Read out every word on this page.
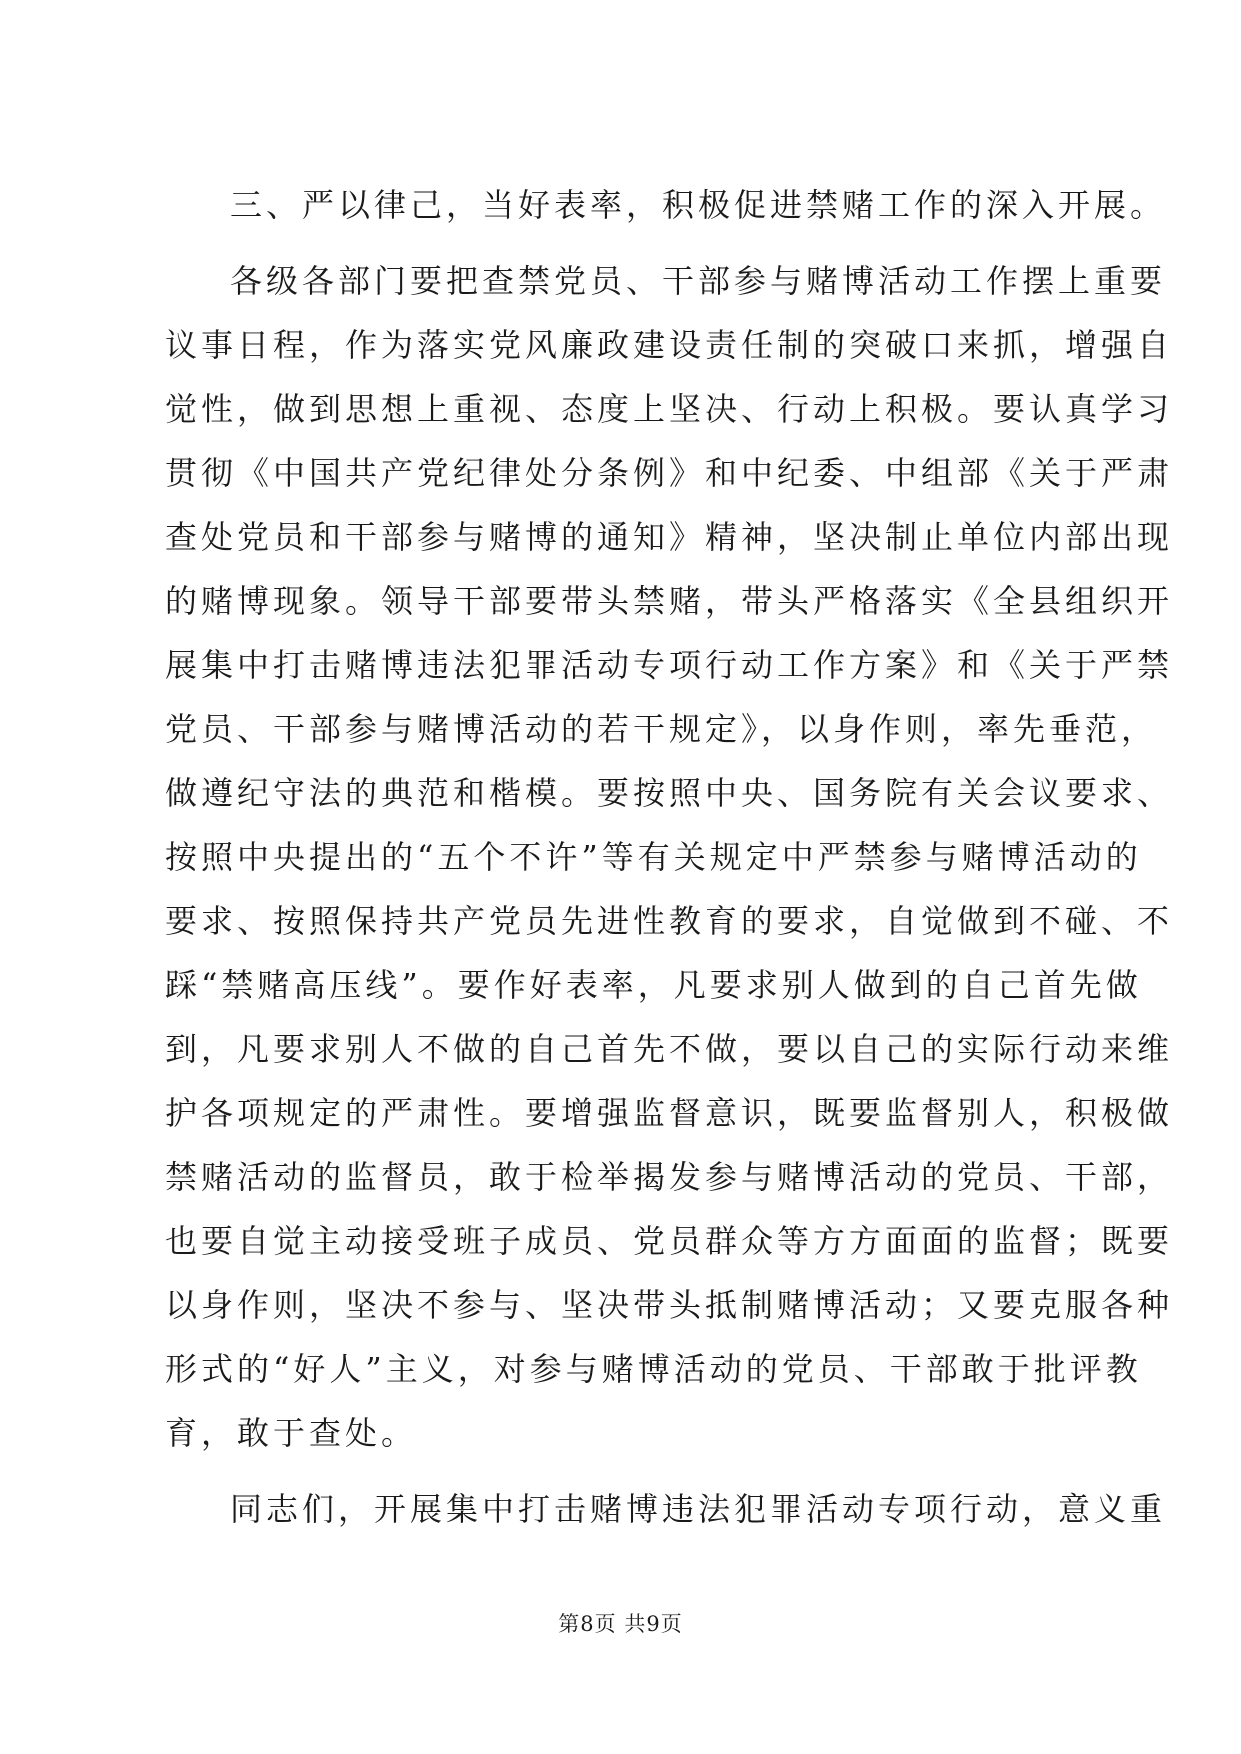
三、严以律己，当好表率，积极促进禁赌工作的深入开展。
各级各部门要把查禁党员、干部参与赌博活动工作摆上重要
议事日程，作为落实党风廉政建设责任制的突破口来抓，增强自
觉性，做到思想上重视、态度上坚决、行动上积极。要认真学习
贯彻《中国共产党纪律处分条例》和中纪委、中组部《关于严肃
查处党员和干部参与赌博的通知》精神，坚决制止单位内部出现
的赌博现象。领导干部要带头禁赌，带头严格落实《全县组织开
展集中打击赌博违法犯罪活动专项行动工作方案》和《关于严禁
党员、干部参与赌博活动的若干规定》，以身作则，率先垂范，
做遵纪守法的典范和楷模。要按照中央、国务院有关会议要求、
按照中央提出的“五个不许”等有关规定中严禁参与赌博活动的
要求、按照保持共产党员先进性教育的要求，自觉做到不碰、不
踩“禁赌高压线”。要作好表率，凡要求别人做到的自己首先做
到，凡要求别人不做的自己首先不做，要以自己的实际行动来维
护各项规定的严肃性。要增强监督意识，既要监督别人，积极做
禁赌活动的监督员，敢于检举揭发参与赌博活动的党员、干部，
也要自觉主动接受班子成员、党员群众等方方面面的监督；既要
以身作则，坚决不参与、坚决带头抵制赌博活动；又要克服各种
形式的“好人”主义，对参与赌博活动的党员、干部敢于批评教
育，敢于查处。
同志们，开展集中打击赌博违法犯罪活动专项行动，意义重
第8页 共9页
